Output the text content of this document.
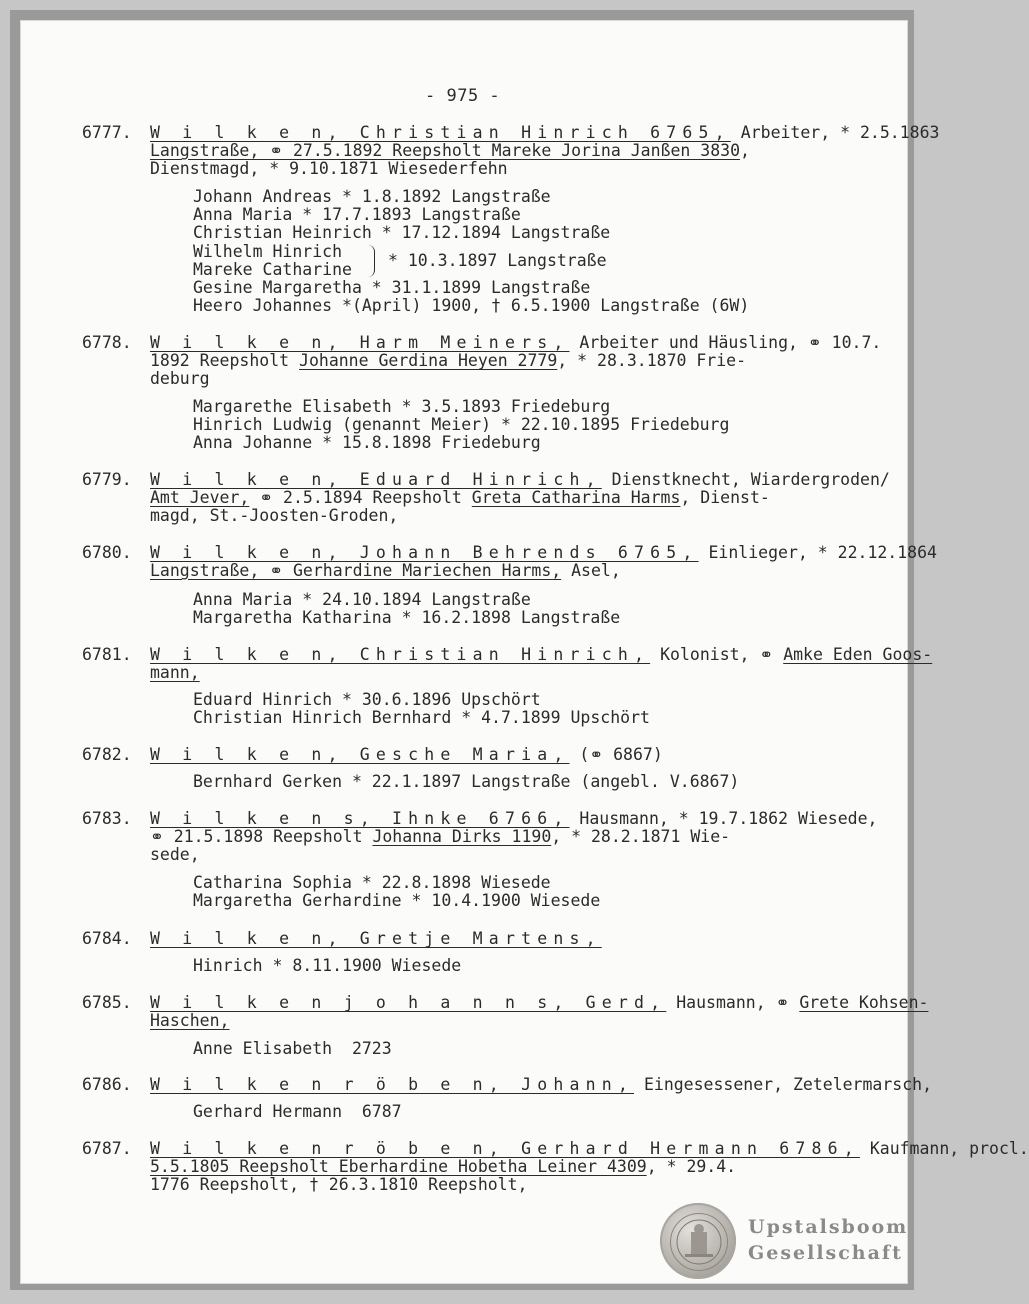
- 975 -
6777. W i l k e n, Christian Hinrich 6765, Arbeiter, * 2.5.1863
Langstraße, ⚭ 27.5.1892 Reepsholt Mareke Jorina Janßen 3830,
Dienstmagd, * 9.10.1871 Wiesederfehn
Johann Andreas * 1.8.1892 Langstraße
Anna Maria * 17.7.1893 Langstraße
Christian Heinrich * 17.12.1894 Langstraße
Wilhelm Hinrich
Mareke Catharine * 10.3.1897 Langstraße
Gesine Margaretha * 31.1.1899 Langstraße
Heero Johannes *(April) 1900, † 6.5.1900 Langstraße (6W)
6778. W i l k e n, Harm Meiners, Arbeiter und Häusling, ⚭ 10.7.
1892 Reepsholt Johanne Gerdina Heyen 2779, * 28.3.1870 Frie-
deburg
Margarethe Elisabeth * 3.5.1893 Friedeburg
Hinrich Ludwig (genannt Meier) * 22.10.1895 Friedeburg
Anna Johanne * 15.8.1898 Friedeburg
6779. W i l k e n, Eduard Hinrich, Dienstknecht, Wiardergroden/
Amt Jever, ⚭ 2.5.1894 Reepsholt Greta Catharina Harms, Dienst-
magd, St.-Joosten-Groden,
6780. W i l k e n, Johann Behrends 6765, Einlieger, * 22.12.1864
Langstraße, ⚭ Gerhardine Mariechen Harms, Asel,
Anna Maria * 24.10.1894 Langstraße
Margaretha Katharina * 16.2.1898 Langstraße
6781. W i l k e n, Christian Hinrich, Kolonist, ⚭ Amke Eden Goos-
mann,
Eduard Hinrich * 30.6.1896 Upschört
Christian Hinrich Bernhard * 4.7.1899 Upschört
6782. W i l k e n, Gesche Maria, (⚭ 6867)
Bernhard Gerken * 22.1.1897 Langstraße (angebl. V.6867)
6783. W i l k e n s, Ihnke 6766, Hausmann, * 19.7.1862 Wiesede,
⚭ 21.5.1898 Reepsholt Johanna Dirks 1190, * 28.2.1871 Wie-
sede,
Catharina Sophia * 22.8.1898 Wiesede
Margaretha Gerhardine * 10.4.1900 Wiesede
6784. W i l k e n, Gretje Martens,
Hinrich * 8.11.1900 Wiesede
6785. W i l k e n j o h a n n s, Gerd, Hausmann, ⚭ Grete Kohsen-
Haschen,
Anne Elisabeth  2723
6786. W i l k e n r ö b e n, Johann, Eingesessener, Zetelermarsch,
Gerhard Hermann  6787
6787. W i l k e n r ö b e n, Gerhard Hermann 6786, Kaufmann, procl.
5.5.1805 Reepsholt Eberhardine Hobetha Leiner 4309, * 29.4.
1776 Reepsholt, † 26.3.1810 Reepsholt,
Upstalsboom
Gesellschaft
